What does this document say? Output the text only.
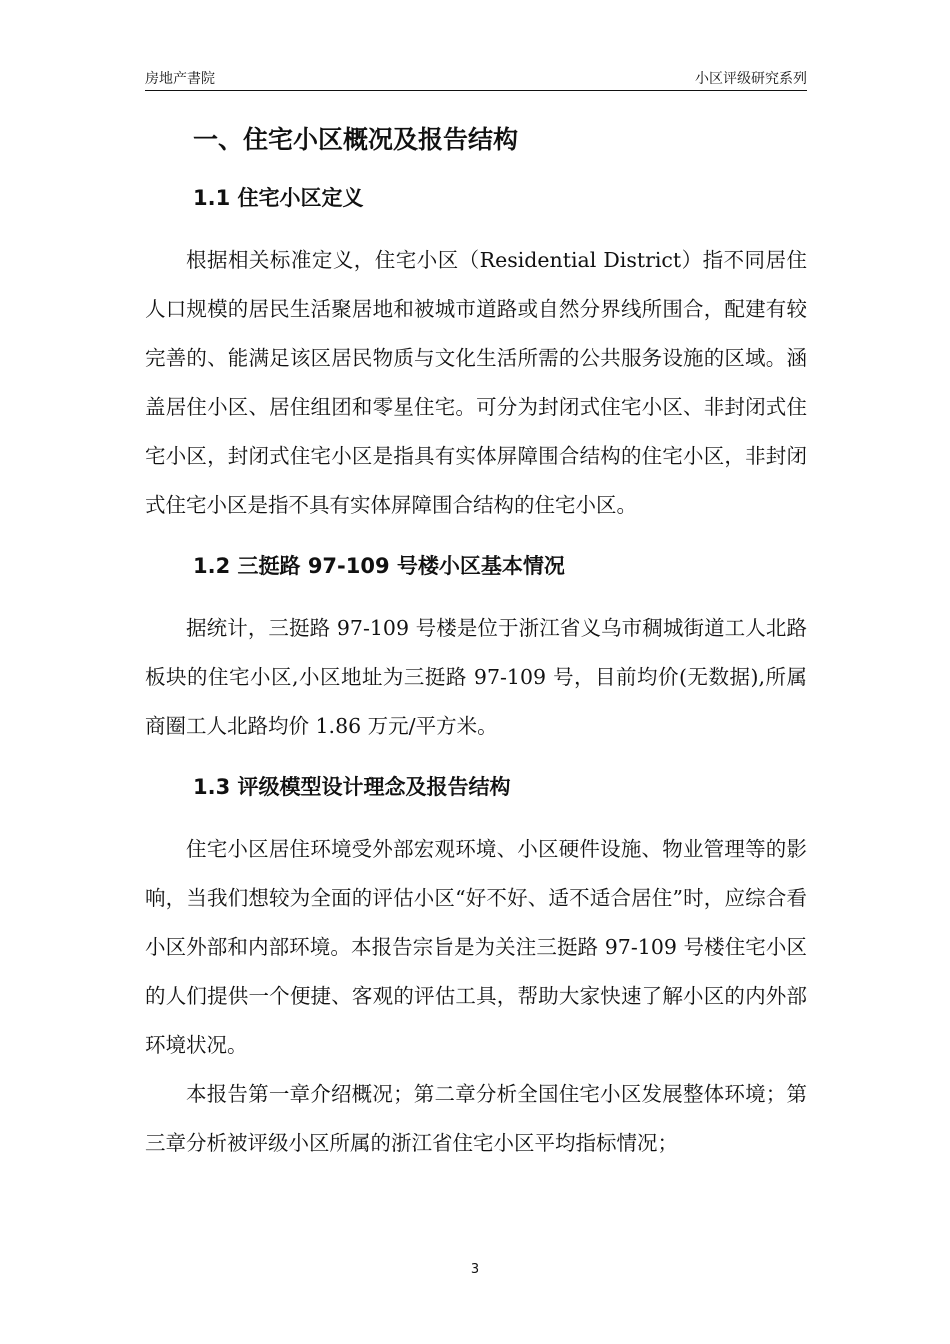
房地产書院	小区评级研究系列
一、住宅小区概况及报告结构
1.1 住宅小区定义

根据相关标准定义，住宅小区（Residential District）指不同居住人口规模的居民生活聚居地和被城市道路或自然分界线所围合，配建有较完善的、能满足该区居民物质与文化生活所需的公共服务设施的区域。涵盖居住小区、居住组团和零星住宅。可分为封闭式住宅小区、非封闭式住宅小区，封闭式住宅小区是指具有实体屏障围合结构的住宅小区，非封闭式住宅小区是指不具有实体屏障围合结构的住宅小区。

1.2 三挺路 97-109 号楼小区基本情况

据统计，三挺路 97-109 号楼是位于浙江省义乌市稠城街道工人北路板块的住宅小区,小区地址为三挺路 97-109 号，目前均价(无数据),所属商圈工人北路均价 1.86 万元/平方米。

1.3 评级模型设计理念及报告结构

住宅小区居住环境受外部宏观环境、小区硬件设施、物业管理等的影响，当我们想较为全面的评估小区“好不好、适不适合居住”时，应综合看小区外部和内部环境。本报告宗旨是为关注三挺路 97-109 号楼住宅小区的人们提供一个便捷、客观的评估工具，帮助大家快速了解小区的内外部环境状况。

本报告第一章介绍概况；第二章分析全国住宅小区发展整体环境；第三章分析被评级小区所属的浙江省住宅小区平均指标情况；

3
